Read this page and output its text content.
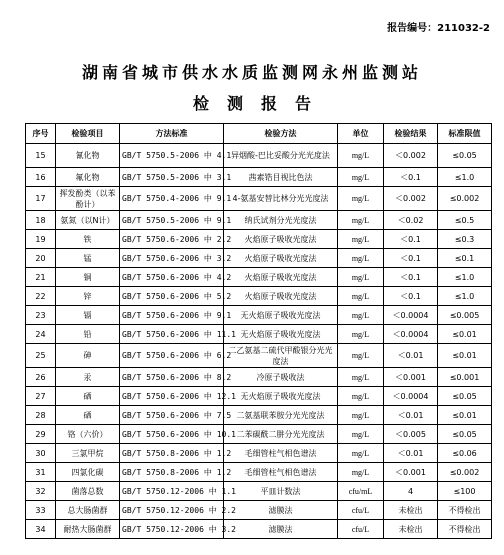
报告编号：211032-2
湖南省城市供水水质监测网永州监测站
检测报告
序号	检验项目	方法标准	检验方法	单位	检验结果	标准限值
15	氰化物	GB/T 5750.5-2006 中 4.1	异烟酸-巴比妥酸分光光度法	mg/L	＜0.002	≤0.05
16	氟化物	GB/T 5750.5-2006 中 3.1	茜素锆目视比色法	mg/L	＜0.1	≤1.0
17	挥发酚类（以苯酚计）	GB/T 5750.4-2006 中 9.1	4-氨基安替比林分光光度法	mg/L	＜0.002	≤0.002
18	氨氮（以N计）	GB/T 5750.5-2006 中 9.1	纳氏试剂分光光度法	mg/L	＜0.02	≤0.5
19	铁	GB/T 5750.6-2006 中 2.2	火焰原子吸收光度法	mg/L	＜0.1	≤0.3
20	锰	GB/T 5750.6-2006 中 3.2	火焰原子吸收光度法	mg/L	＜0.1	≤0.1
21	铜	GB/T 5750.6-2006 中 4.2	火焰原子吸收光度法	mg/L	＜0.1	≤1.0
22	锌	GB/T 5750.6-2006 中 5.2	火焰原子吸收光度法	mg/L	＜0.1	≤1.0
23	镉	GB/T 5750.6-2006 中 9.1	无火焰原子吸收光度法	mg/L	＜0.0004	≤0.005
24	铅	GB/T 5750.6-2006 中 11.1	无火焰原子吸收光度法	mg/L	＜0.0004	≤0.01
25	砷	GB/T 5750.6-2006 中 6.2	二乙氨基二硫代甲酸银分光光度法	mg/L	＜0.01	≤0.01
26	汞	GB/T 5750.6-2006 中 8.2	冷原子吸收法	mg/L	＜0.001	≤0.001
27	硒	GB/T 5750.6-2006 中 12.1	无火焰原子吸收光度法	mg/L	＜0.0004	≤0.05
28	硒	GB/T 5750.6-2006 中 7.5	二氨基联苯胺分光光度法	mg/L	＜0.01	≤0.01
29	铬（六价）	GB/T 5750.6-2006 中 10.1	二苯碳酰二肼分光光度法	mg/L	＜0.005	≤0.05
30	三氯甲烷	GB/T 5750.8-2006 中 1.2	毛细管柱气相色谱法	mg/L	＜0.01	≤0.06
31	四氯化碳	GB/T 5750.8-2006 中 1.2	毛细管柱气相色谱法	mg/L	＜0.001	≤0.002
32	菌落总数	GB/T 5750.12-2006 中 1.1	平皿计数法	cfu/mL	4	≤100
33	总大肠菌群	GB/T 5750.12-2006 中 2.2	滤膜法	cfu/L	未检出	不得检出
34	耐热大肠菌群	GB/T 5750.12-2006 中 3.2	滤膜法	cfu/L	未检出	不得检出
